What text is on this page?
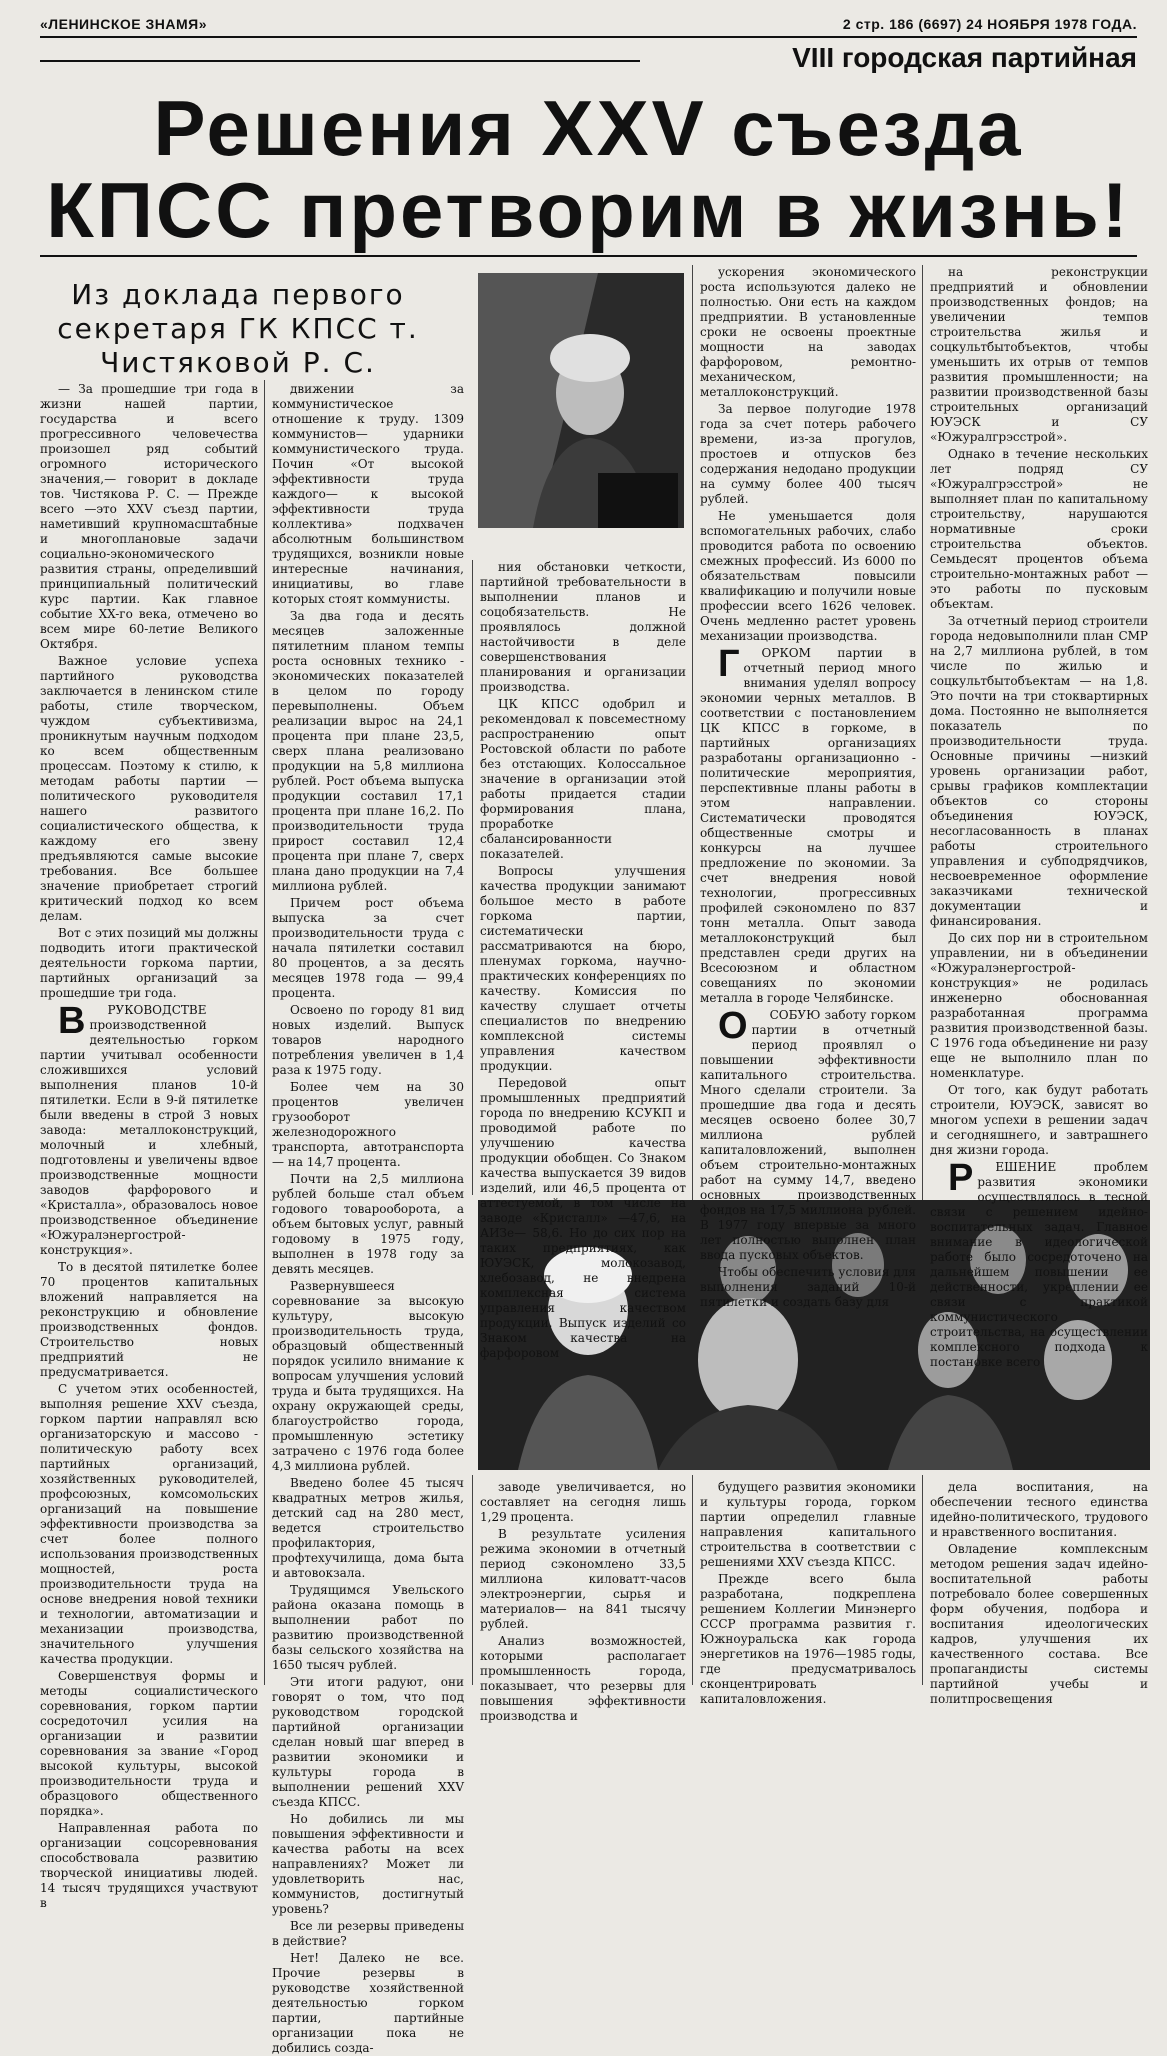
«ЛЕНИНСКОЕ ЗНАМЯ»	2 стр. 186 (6697) 24 НОЯБРЯ 1978 ГОДА.
VIII городская партийная
Решения XXV съезда КПСС претворим в жизнь!
Из доклада первого секретаря ГК КПСС т. Чистяковой Р. С.

— За прошедшие три года в жизни нашей партии, государства и всего прогрессивного человечества произошел ряд событий огромного исторического значения,— говорит в докладе тов. Чистякова Р. С. — Прежде всего —это XXV съезд партии, наметивший крупномасштабные и многоплановые задачи социально-экономического развития страны, определивший принципиальный политический курс партии. Как главное событие XX-го века, отмечено во всем мире 60-летие Великого Октября.

Важное условие успеха партийного руководства заключается в ленинском стиле работы, стиле творческом, чуждом субъективизма, проникнутым научным подходом ко всем общественным процессам. Поэтому к стилю, к методам работы партии — политического руководителя нашего развитого социалистического общества, к каждому его звену предъявляются самые высокие требования. Все большее значение приобретает строгий критический подход ко всем делам.

Вот с этих позиций мы должны подводить итоги практической деятельности горкома партии, партийных организаций за прошедшие три года.

ВРУКОВОДСТВЕ производственной деятельностью горком партии учитывал особенности сложившихся условий выполнения планов 10-й пятилетки. Если в 9-й пятилетке были введены в строй 3 новых завода: металлоконструкций, молочный и хлебный, подготовлены и увеличены вдвое производственные мощности заводов фарфорового и «Кристалла», образовалось новое производственное объединение «Южуралэнергострой-конструкция».

То в десятой пятилетке более 70 процентов капитальных вложений направляется на реконструкцию и обновление производственных фондов. Строительство новых предприятий не предусматривается.

С учетом этих особенностей, выполняя решение XXV съезда, горком партии направлял всю организаторскую и массово - политическую работу всех партийных организаций, хозяйственных руководителей, профсоюзных, комсомольских организаций на повышение эффективности производства за счет более полного использования производственных мощностей, роста производительности труда на основе внедрения новой техники и технологии, автоматизации и механизации производства, значительного улучшения качества продукции.

Совершенствуя формы и методы социалистического соревнования, горком партии сосредоточил усилия на организации и развитии соревнования за звание «Город высокой культуры, высокой производительности труда и образцового общественного порядка».

Направленная работа по организации соцсоревнования способствовала развитию творческой инициативы людей. 14 тысяч трудящихся участвуют в

движении за коммунистическое отношение к труду. 1309 коммунистов— ударники коммунистического труда. Почин «От высокой эффективности труда каждого— к высокой эффективности труда коллектива» подхвачен абсолютным большинством трудящихся, возникли новые интересные начинания, инициативы, во главе которых стоят коммунисты.

За два года и десять месяцев заложенные пятилетним планом темпы роста основных технико - экономических показателей в целом по городу перевыполнены. Объем реализации вырос на 24,1 процента при плане 23,5, сверх плана реализовано продукции на 5,8 миллиона рублей. Рост объема выпуска продукции составил 17,1 процента при плане 16,2. По производительности труда прирост составил 12,4 процента при плане 7, сверх плана дано продукции на 7,4 миллиона рублей.

Причем рост объема выпуска за счет производительности труда с начала пятилетки составил 80 процентов, а за десять месяцев 1978 года — 99,4 процента.

Освоено по городу 81 вид новых изделий. Выпуск товаров народного потребления увеличен в 1,4 раза к 1975 году.

Более чем на 30 процентов увеличен грузооборот железнодорожного транспорта, автотранспорта — на 14,7 процента.

Почти на 2,5 миллиона рублей больше стал объем годового товарооборота, а объем бытовых услуг, равный годовому в 1975 году, выполнен в 1978 году за девять месяцев.

Развернувшееся соревнование за высокую культуру, высокую производительность труда, образцовый общественный порядок усилило внимание к вопросам улучшения условий труда и быта трудящихся. На охрану окружающей среды, благоустройство города, промышленную эстетику затрачено с 1976 года более 4,3 миллиона рублей.

Введено более 45 тысяч квадратных метров жилья, детский сад на 280 мест, ведется строительство профилактория, профтехучилища, дома быта и автовокзала.

Трудящимся Увельского района оказана помощь в выполнении работ по развитию производственной базы сельского хозяйства на 1650 тысяч рублей.

Эти итоги радуют, они говорят о том, что под руководством городской партийной организации сделан новый шаг вперед в развитии экономики и культуры города в выполнении решений XXV съезда КПСС.

Но добились ли мы повышения эффективности и качества работы на всех направлениях? Может ли удовлетворить нас, коммунистов, достигнутый уровень?

Все ли резервы приведены в действие?

Нет! Далеко не все. Прочие резервы в руководстве хозяйственной деятельностью горком партии, партийные организации пока не добились созда-

ния обстановки четкости, партийной требовательности в выполнении планов и соцобязательств. Не проявлялось должной настойчивости в деле совершенствования планирования и организации производства.

ЦК КПСС одобрил и рекомендовал к повсеместному распространению опыт Ростовской области по работе без отстающих. Колоссальное значение в организации этой работы придается стадии формирования плана, проработке сбалансированности показателей.

Вопросы улучшения качества продукции занимают большое место в работе горкома партии, систематически рассматриваются на бюро, пленумах горкома, научно-практических конференциях по качеству. Комиссия по качеству слушает отчеты специалистов по внедрению комплексной системы управления качеством продукции.

Передовой опыт промышленных предприятий города по внедрению КСУКП и проводимой работе по улучшению качества продукции обобщен. Со Знаком качества выпускается 39 видов изделий, или 46,5 процента от аттестуемой, в том числе на заводе «Кристалл» —47,6, на АИЗе— 58,6. Но до сих пор на таких предприятиях, как ЮУЭСК, молокозавод, хлебозавод, не внедрена комплексная система управления качеством продукции. Выпуск изделий со Знаком качества на фарфоровом

ускорения экономического роста используются далеко не полностью. Они есть на каждом предприятии. В установленные сроки не освоены проектные мощности на заводах фарфоровом, ремонтно-механическом, металлоконструкций.

За первое полугодие 1978 года за счет потерь рабочего времени, из-за прогулов, простоев и отпусков без содержания недодано продукции на сумму более 400 тысяч рублей.

Не уменьшается доля вспомогательных рабочих, слабо проводится работа по освоению смежных профессий. Из 6000 по обязательствам повысили квалификацию и получили новые профессии всего 1626 человек. Очень медленно растет уровень механизации производства.

ГОРКОМ партии в отчетный период много внимания уделял вопросу экономии черных металлов. В соответствии с постановлением ЦК КПСС в горкоме, в партийных организациях разработаны организационно - политические мероприятия, перспективные планы работы в этом направлении. Систематически проводятся общественные смотры и конкурсы на лучшее предложение по экономии. За счет внедрения новой технологии, прогрессивных профилей сэкономлено по 837 тонн металла. Опыт завода металлоконструкций был представлен среди других на Всесоюзном и областном совещаниях по экономии металла в городе Челябинске.

ОСОБУЮ заботу горком партии в отчетный период проявлял о повышении эффективности капитального строительства. Много сделали строители. За прошедшие два года и десять месяцев освоено более 30,7 миллиона рублей капиталовложений, выполнен объем строительно-монтажных работ на сумму 14,7, введено основных производственных фондов на 17,5 миллиона рублей. В 1977 году впервые за много лет полностью выполнен план ввода пусковых объектов.

Чтобы обеспечить условия для выполнения заданий 10-й пятилетки и создать базу для

на реконструкции предприятий и обновлении производственных фондов; на увеличении темпов строительства жилья и соцкультбытобъектов, чтобы уменьшить их отрыв от темпов развития промышленности; на развитии производственной базы строительных организаций ЮУЭСК и СУ «Южуралгрэсстрой».

Однако в течение нескольких лет подряд СУ «Южуралгрэсстрой» не выполняет план по капитальному строительству, нарушаются нормативные сроки строительства объектов. Семьдесят процентов объема строительно-монтажных работ — это работы по пусковым объектам.

За отчетный период строители города недовыполнили план СМР на 2,7 миллиона рублей, в том числе по жилью и соцкультбытобъектам — на 1,8. Это почти на три стоквартирных дома. Постоянно не выполняется показатель по производительности труда. Основные причины —низкий уровень организации работ, срывы графиков комплектации объектов со стороны объединения ЮУЭСК, несогласованность в планах работы строительного управления и субподрядчиков, несвоевременное оформление заказчиками технической документации и финансирования.

До сих пор ни в строительном управлении, ни в объединении «Южуралэнергострой-конструкция» не родилась инженерно обоснованная разработанная программа развития производственной базы. С 1976 года объединение ни разу еще не выполнило план по номенклатуре.

От того, как будут работать строители, ЮУЭСК, зависят во многом успехи в решении задач и сегодняшнего, и завтрашнего дня жизни города.

РЕШЕНИЕ проблем развития экономики осуществлялось в тесной связи с решением идейно-воспитательных задач. Главное внимание в идеологической работе было сосредоточено на дальнейшем повышении ее действенности, укреплении ее связи с практикой коммунистического строительства, на осуществлении комплексного подхода к постановке всего

заводе увеличивается, но составляет на сегодня лишь 1,29 процента.

В результате усиления режима экономии в отчетный период сэкономлено 33,5 миллиона киловатт-часов электроэнергии, сырья и материалов— на 841 тысячу рублей.

Анализ возможностей, которыми располагает промышленность города, показывает, что резервы для повышения эффективности производства и

будущего развития экономики и культуры города, горком партии определил главные направления капитального строительства в соответствии с решениями XXV съезда КПСС.

Прежде всего была разработана, подкреплена решением Коллегии Минэнерго СССР программа развития г. Южноуральска как города энергетиков на 1976—1985 годы, где предусматривалось сконцентрировать капиталовложения.

дела воспитания, на обеспечении тесного единства идейно-политического, трудового и нравственного воспитания.

Овладение комплексным методом решения задач идейно-воспитательной работы потребовало более совершенных форм обучения, подбора и воспитания идеологических кадров, улучшения их качественного состава. Все пропагандисты системы партийной учебы и политпросвещения
